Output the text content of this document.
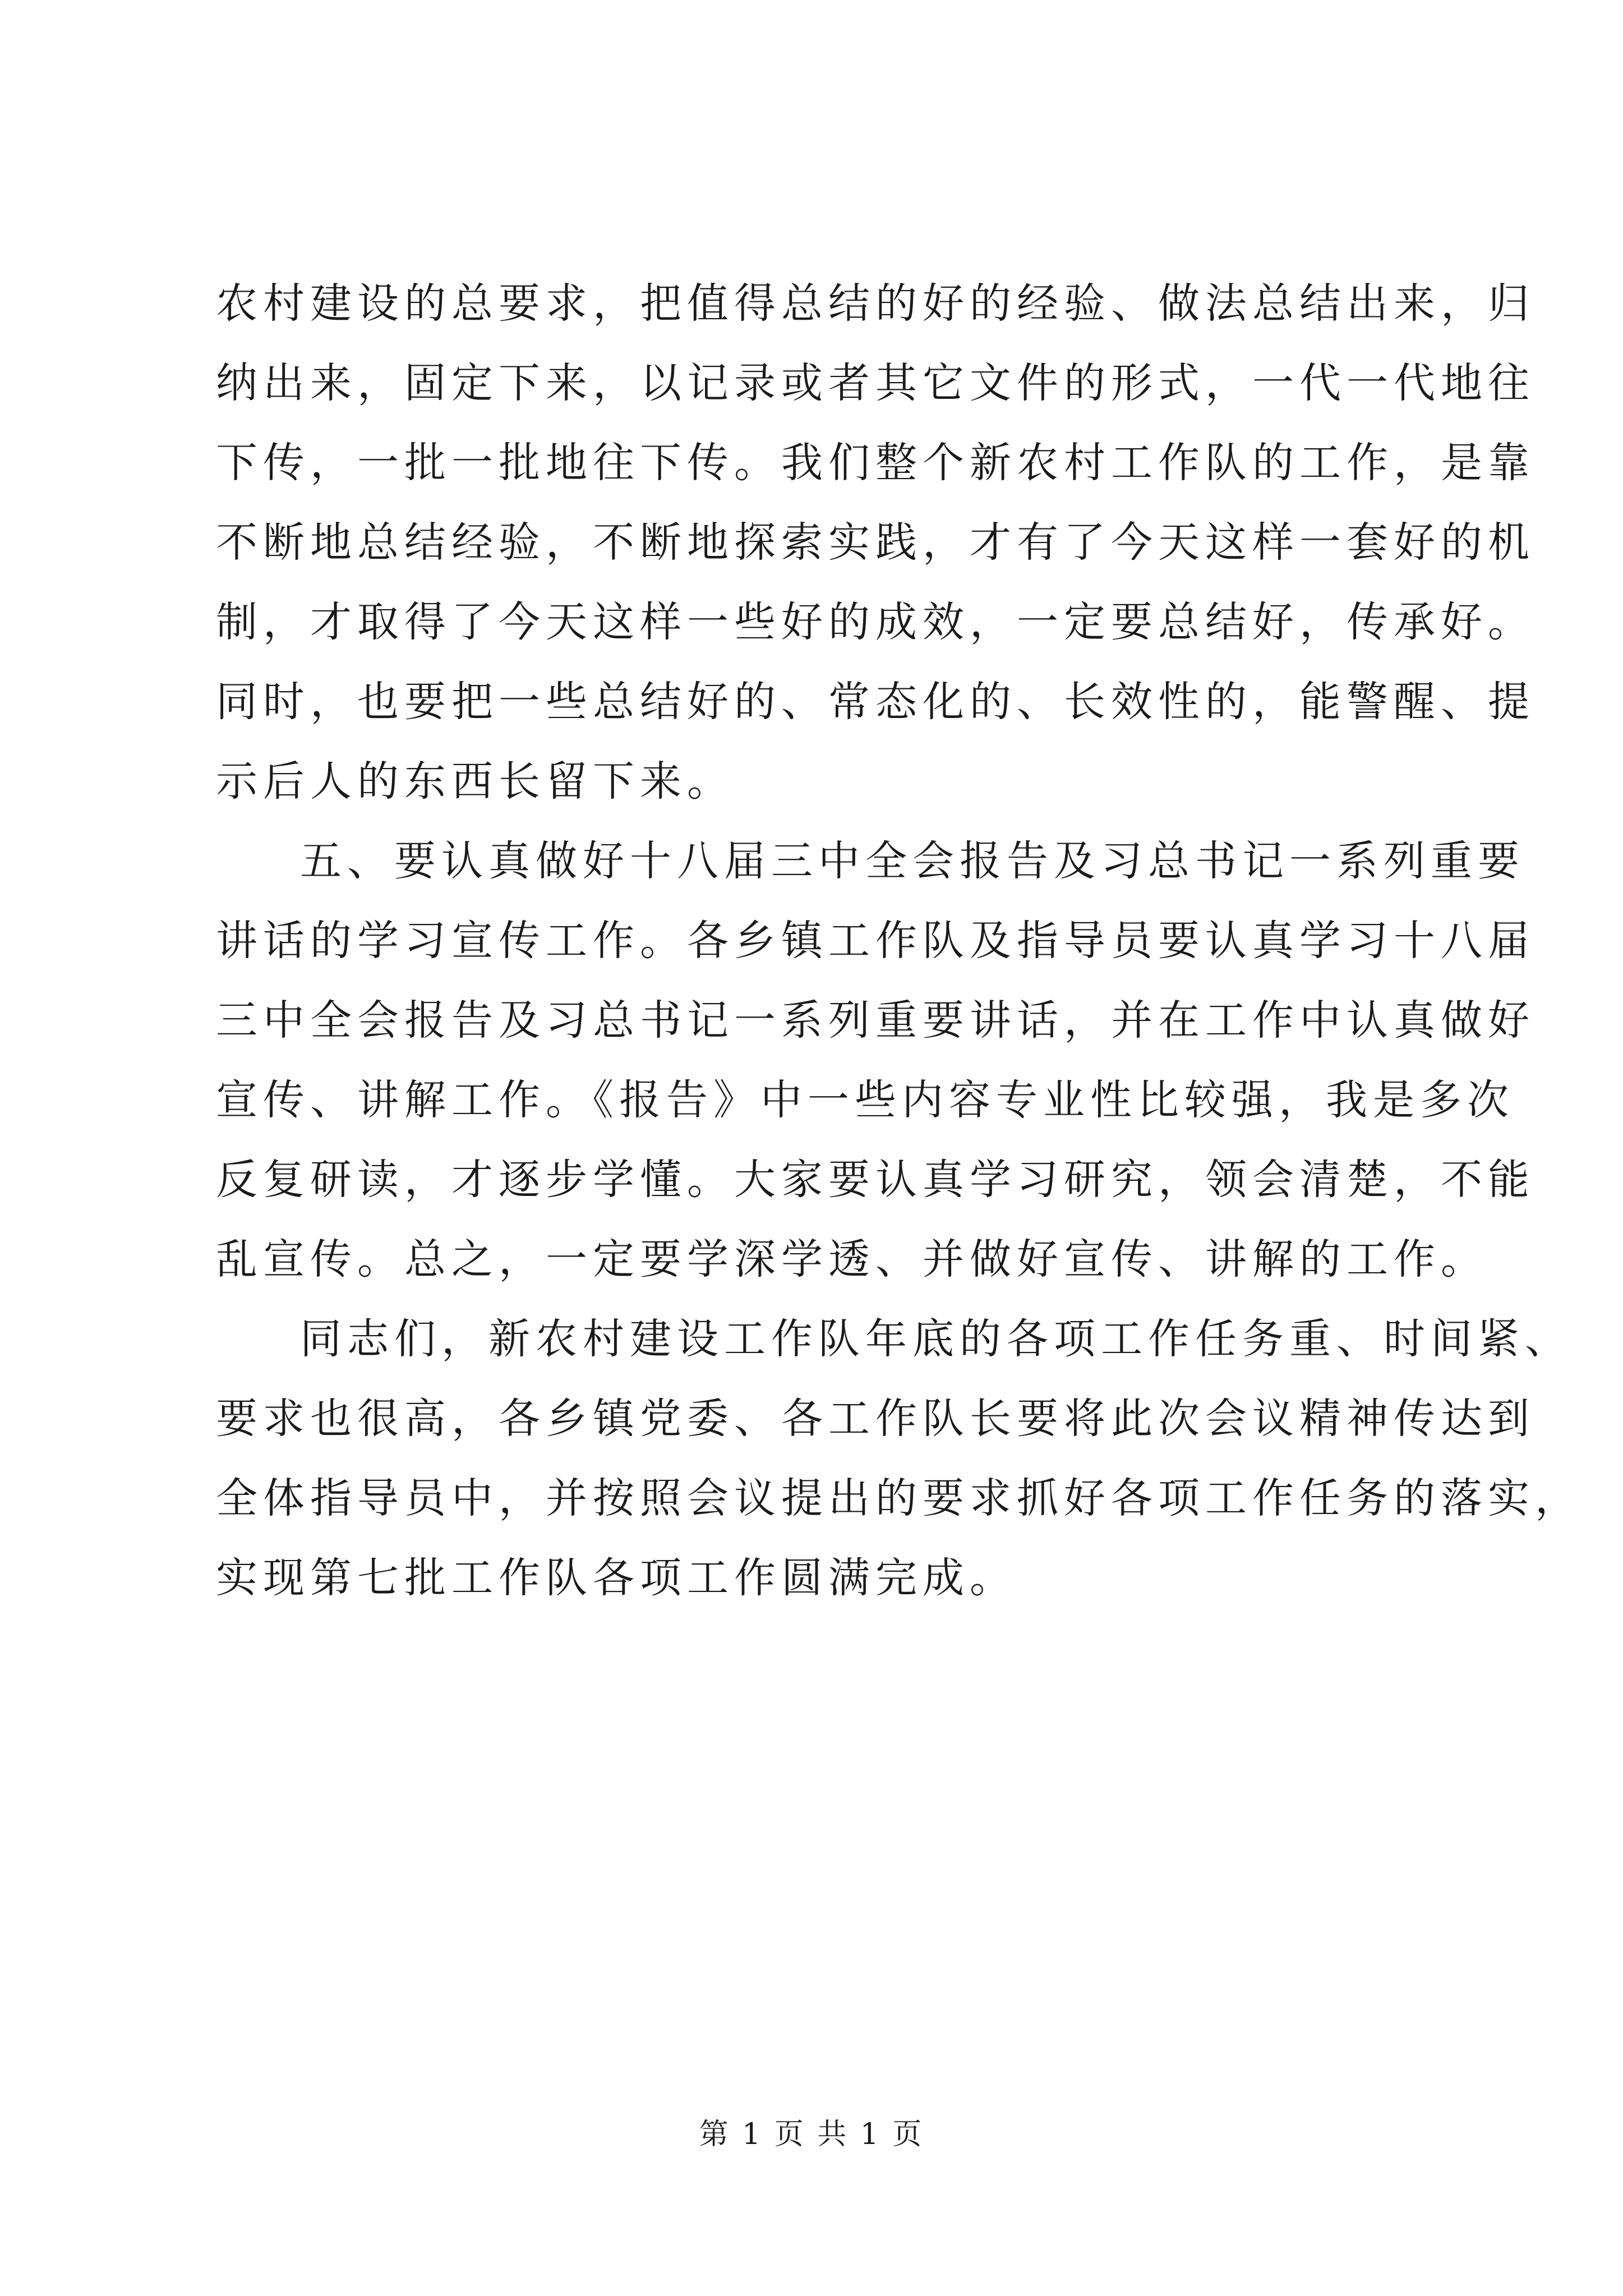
农村建设的总要求，把值得总结的好的经验、做法总结出来，归
纳出来，固定下来，以记录或者其它文件的形式，一代一代地往
下传，一批一批地往下传。我们整个新农村工作队的工作，是靠
不断地总结经验，不断地探索实践，才有了今天这样一套好的机
制，才取得了今天这样一些好的成效，一定要总结好，传承好。
同时，也要把一些总结好的、常态化的、长效性的，能警醒、提
示后人的东西长留下来。
五、要认真做好十八届三中全会报告及习总书记一系列重要
讲话的学习宣传工作。各乡镇工作队及指导员要认真学习十八届
三中全会报告及习总书记一系列重要讲话，并在工作中认真做好
宣传、讲解工作。《报告》中一些内容专业性比较强，我是多次
反复研读，才逐步学懂。大家要认真学习研究，领会清楚，不能
乱宣传。总之，一定要学深学透、并做好宣传、讲解的工作。
同志们，新农村建设工作队年底的各项工作任务重、时间紧、
要求也很高，各乡镇党委、各工作队长要将此次会议精神传达到
全体指导员中，并按照会议提出的要求抓好各项工作任务的落实，
实现第七批工作队各项工作圆满完成。
第 1 页 共 1 页
